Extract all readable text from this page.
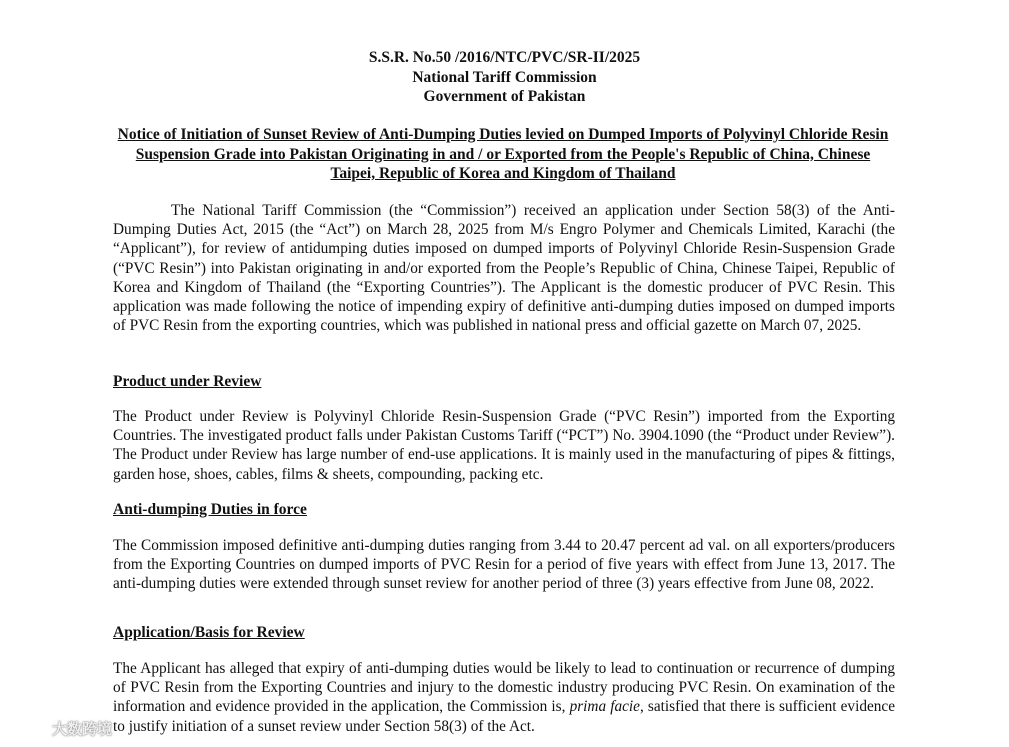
S.S.R. No.50 /2016/NTC/PVC/SR-II/2025
National Tariff Commission
Government of Pakistan
Notice of Initiation of Sunset Review of Anti-Dumping Duties levied on Dumped Imports of Polyvinyl Chloride Resin Suspension Grade into Pakistan Originating in and / or Exported from the People's Republic of China, Chinese Taipei, Republic of Korea and Kingdom of Thailand

The National Tariff Commission (the “Commission”) received an application under Section 58(3) of the Anti-Dumping Duties Act, 2015 (the “Act”) on March 28, 2025 from M/s Engro Polymer and Chemicals Limited, Karachi (the “Applicant”), for review of antidumping duties imposed on dumped imports of Polyvinyl Chloride Resin-Suspension Grade (“PVC Resin”) into Pakistan originating in and/or exported from the People’s Republic of China, Chinese Taipei, Republic of Korea and Kingdom of Thailand (the “Exporting Countries”). The Applicant is the domestic producer of PVC Resin. This application was made following the notice of impending expiry of definitive anti-dumping duties imposed on dumped imports of PVC Resin from the exporting countries, which was published in national press and official gazette on March 07, 2025.

Product under Review

The Product under Review is Polyvinyl Chloride Resin-Suspension Grade (“PVC Resin”) imported from the Exporting Countries. The investigated product falls under Pakistan Customs Tariff (“PCT”) No. 3904.1090 (the “Product under Review”). The Product under Review has large number of end-use applications. It is mainly used in the manufacturing of pipes & fittings, garden hose, shoes, cables, films & sheets, compounding, packing etc.

Anti-dumping Duties in force

The Commission imposed definitive anti-dumping duties ranging from 3.44 to 20.47 percent ad val. on all exporters/producers from the Exporting Countries on dumped imports of PVC Resin for a period of five years with effect from June 13, 2017. The anti-dumping duties were extended through sunset review for another period of three (3) years effective from June 08, 2022.

Application/Basis for Review

The Applicant has alleged that expiry of anti-dumping duties would be likely to lead to continuation or recurrence of dumping of PVC Resin from the Exporting Countries and injury to the domestic industry producing PVC Resin. On examination of the information and evidence provided in the application, the Commission is, prima facie, satisfied that there is sufficient evidence to justify initiation of a sunset review under Section 58(3) of the Act.

大数跨境
